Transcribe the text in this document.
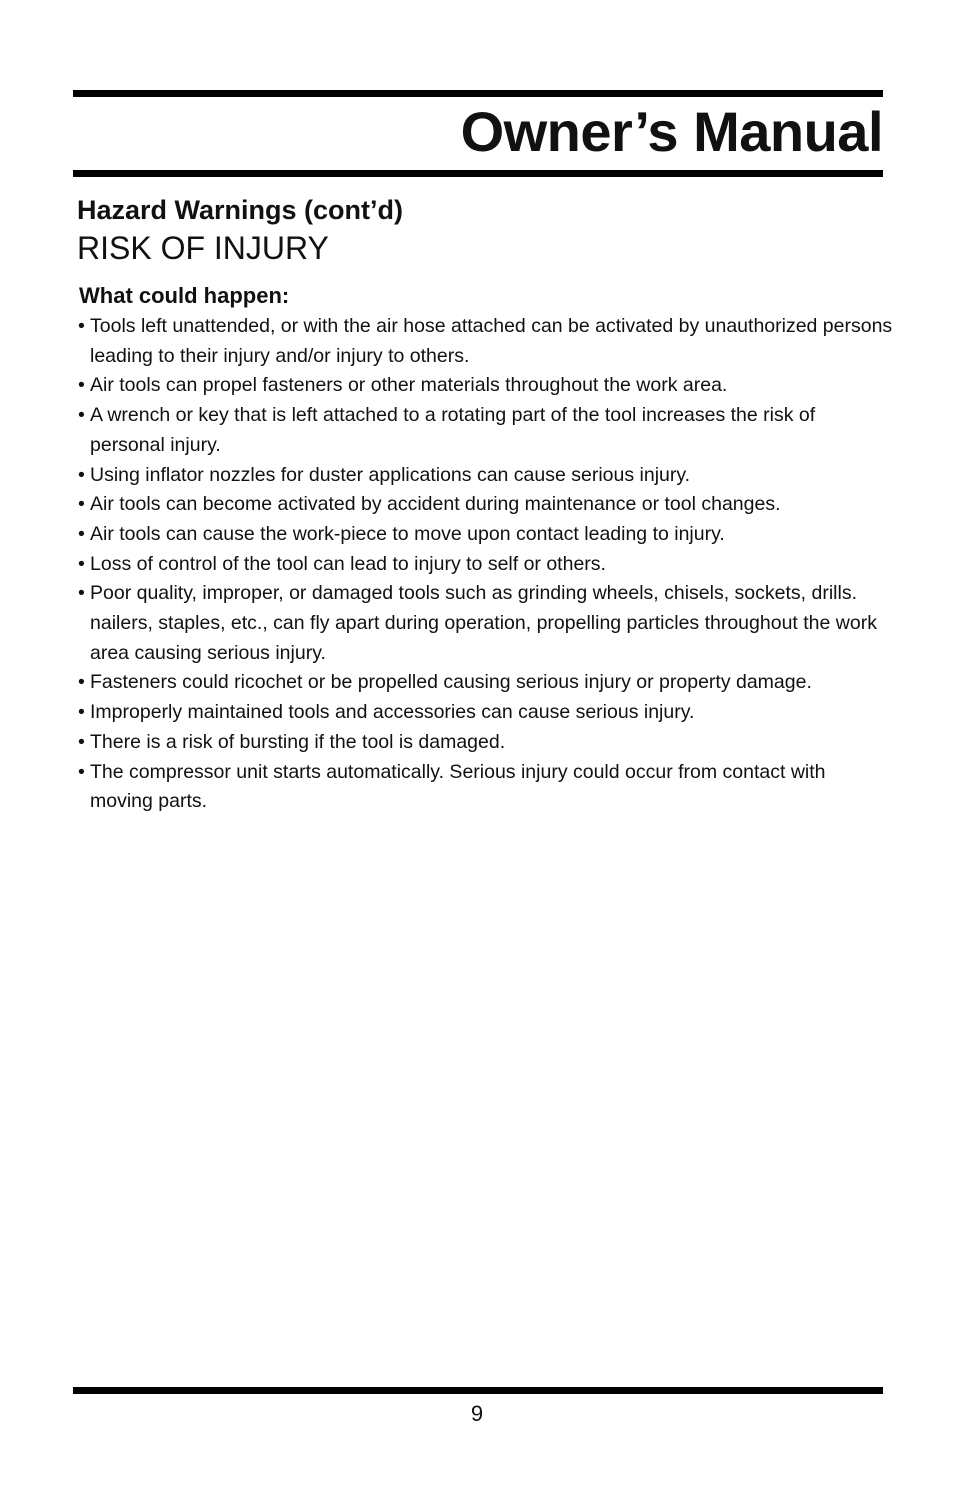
Owner’s Manual
Hazard Warnings (cont’d)
RISK OF INJURY
What could happen:
• Tools left unattended, or with the air hose attached can be activated by unauthorized persons leading to their injury and/or injury to others.
• Air tools can propel fasteners or other materials throughout the work area.
• A wrench or key that is left attached to a rotating part of the tool increases the risk of personal injury.
• Using inflator nozzles for duster applications can cause serious injury.
• Air tools can become activated by accident during maintenance or tool changes.
• Air tools can cause the work-piece to move upon contact leading to injury.
• Loss of control of the tool can lead to injury to self or others.
• Poor quality, improper, or damaged tools such as grinding wheels, chisels, sockets, drills. nailers, staples, etc., can fly apart during operation, propelling particles throughout the work area causing serious injury.
• Fasteners could ricochet or be propelled causing serious injury or property damage.
• Improperly maintained tools and accessories can cause serious injury.
• There is a risk of bursting if the tool is damaged.
• The compressor unit starts automatically. Serious injury could occur from contact with moving parts.
9
